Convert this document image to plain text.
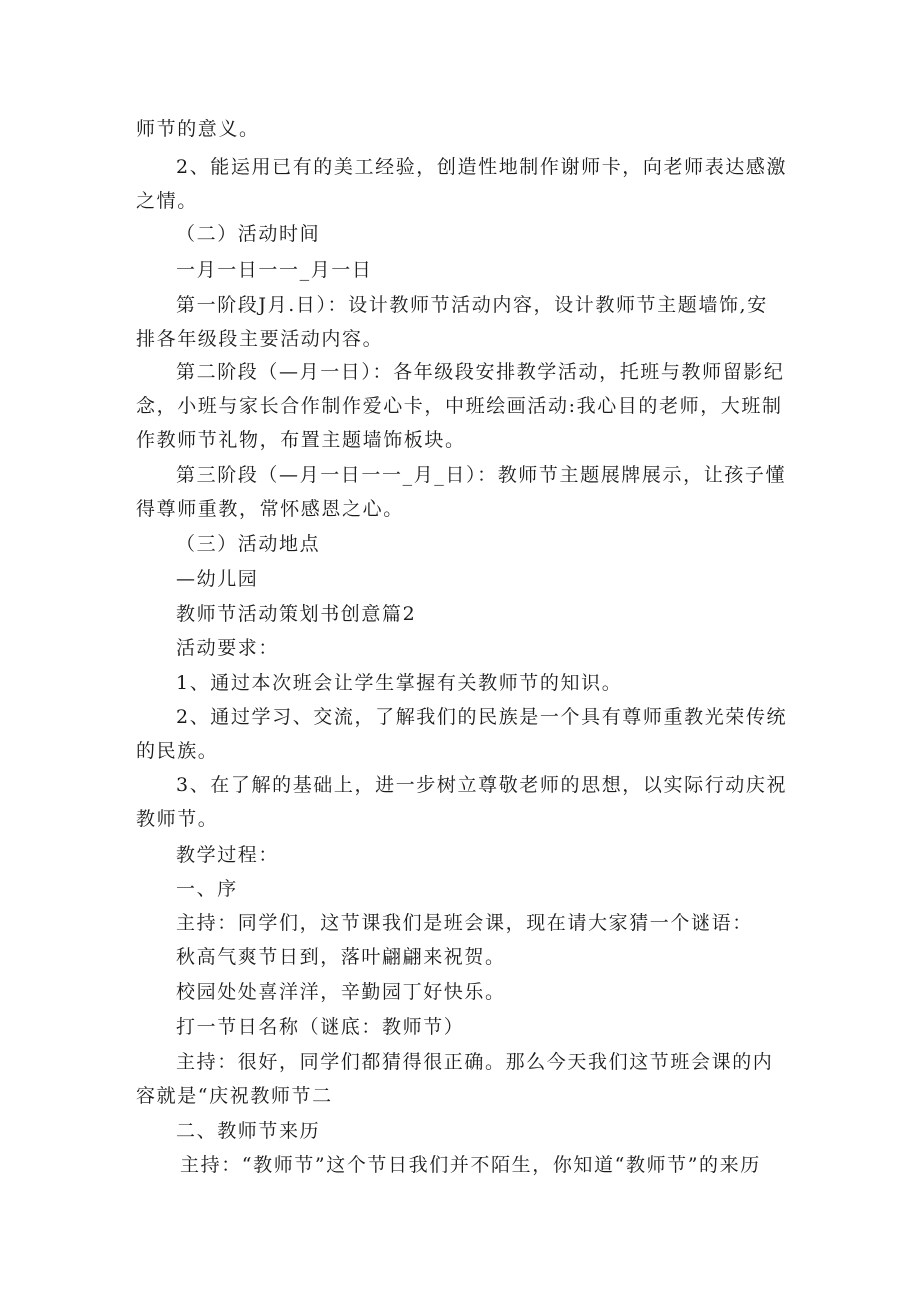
师节的意义。
2、能运用已有的美工经验，创造性地制作谢师卡，向老师表达感激之情。
（二）活动时间
一月一日一一_月一日
第一阶段J月.日）：设计教师节活动内容，设计教师节主题墙饰,安排各年级段主要活动内容。
第二阶段（—月一日）：各年级段安排教学活动，托班与教师留影纪念，小班与家长合作制作爱心卡，中班绘画活动:我心目的老师，大班制作教师节礼物，布置主题墙饰板块。
第三阶段（—月一日一一_月_日）：教师节主题展牌展示，让孩子懂得尊师重教，常怀感恩之心。
（三）活动地点
—幼儿园
教师节活动策划书创意篇2
活动要求：
1、通过本次班会让学生掌握有关教师节的知识。
2、通过学习、交流，了解我们的民族是一个具有尊师重教光荣传统的民族。
3、在了解的基础上，进一步树立尊敬老师的思想，以实际行动庆祝教师节。
教学过程：
一、序
主持：同学们，这节课我们是班会课，现在请大家猜一个谜语：
秋高气爽节日到，落叶翩翩来祝贺。
校园处处喜洋洋，辛勤园丁好快乐。
打一节日名称（谜底：教师节）
主持：很好，同学们都猜得很正确。那么今天我们这节班会课的内容就是“庆祝教师节二
二、教师节来历
主持：“教师节”这个节日我们并不陌生，你知道“教师节”的来历
